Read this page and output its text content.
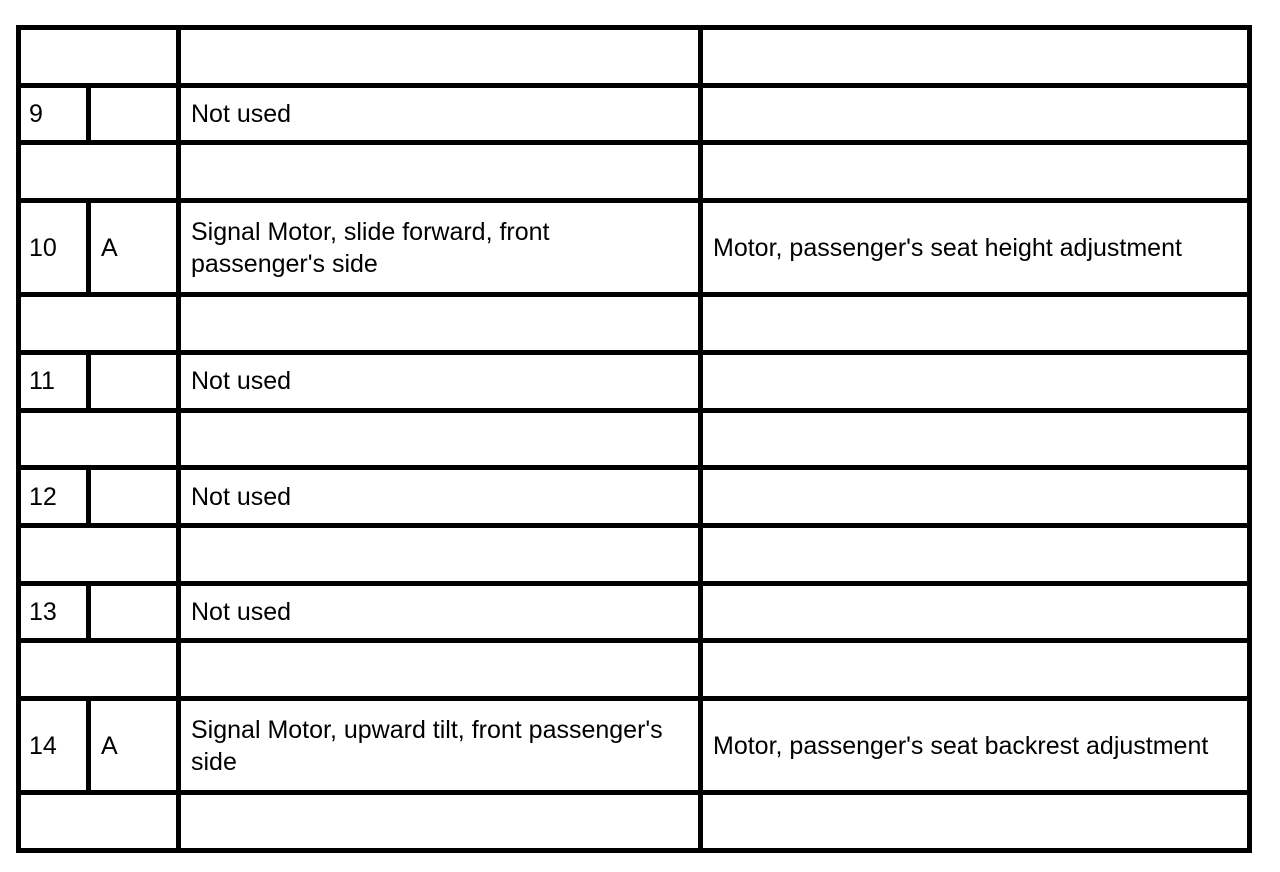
9		Not used	

10	A	Signal Motor, slide forward, front passenger's side	Motor, passenger's seat height adjustment

11		Not used	

12		Not used	

13		Not used	

14	A	Signal Motor, upward tilt, front passenger's side	Motor, passenger's seat backrest adjustment
